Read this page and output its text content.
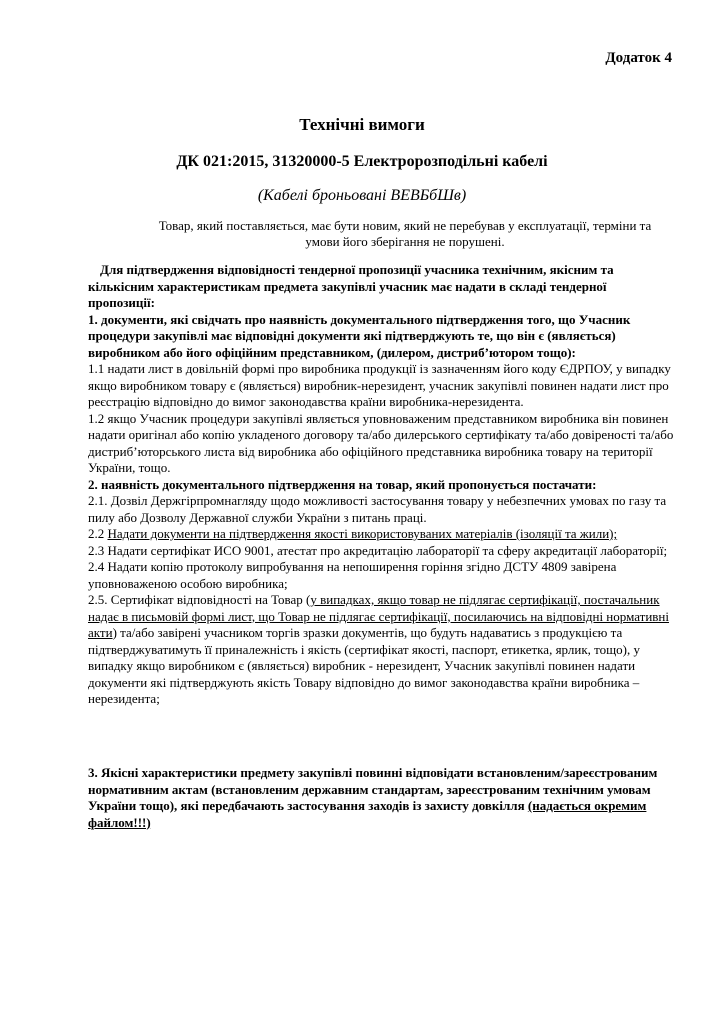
Додаток 4
Технічні вимоги
ДК 021:2015, 31320000-5 Електророзподільні кабелі
(Кабелі броньовані ВЕВБбШв)
Товар, який поставляється, має бути новим, який не перебував у експлуатації, терміни та умови його зберігання не порушені.

Для підтвердження відповідності тендерної пропозиції учасника технічним, якісним та кількісним характеристикам предмета закупівлі учасник має надати в складі тендерної пропозиції:

1. документи, які свідчать про наявність документального підтвердження того, що Учасник процедури закупівлі має відповідні документи які підтверджують те, що він є (являється) виробником або його офіційним представником, (дилером, дистриб’ютором тощо):

1.1 надати лист в довільній формі про виробника продукції із зазначенням його коду ЄДРПОУ, у випадку якщо виробником товару є (являється) виробник-нерезидент, учасник закупівлі повинен надати лист про реєстрацію відповідно до вимог законодавства країни виробника-нерезидента.

1.2 якщо Учасник процедури закупівлі являється уповноваженим представником виробника він повинен надати оригінал або копію укладеного договору та/або дилерського сертифікату та/або довіреності та/або дистриб’юторського листа від виробника або офіційного представника виробника товару на території України, тощо.

2. наявність документального підтвердження на товар, який пропонується постачати:

2.1. Дозвіл Держгірпромнагляду щодо можливості застосування товару у небезпечних умовах по газу та пилу або Дозволу Державної служби України з питань праці.

2.2 Надати документи на підтвердження якості використовуваних матеріалів (ізоляції та жили);

2.3 Надати сертифікат ИСО 9001, атестат про акредитацію лабораторії та сферу акредитації лабораторії;

2.4 Надати копію протоколу випробування на непоширення горіння згідно ДСТУ 4809 завірена уповноваженою особою виробника;

2.5. Сертифікат відповідності на Товар (у випадках, якщо товар не підлягає сертифікації, постачальник надає в письмовій формі лист, що Товар не підлягає сертифікації, посилаючись на відповідні нормативні акти) та/або завірені учасником торгів зразки документів, що будуть надаватись з продукцією та підтверджуватимуть її приналежність і якість (сертифікат якості, паспорт, етикетка, ярлик, тощо), у випадку якщо виробником є (являється) виробник - нерезидент, Учасник закупівлі повинен надати документи які підтверджують якість Товару відповідно до вимог законодавства країни виробника – нерезидента;

3. Якісні характеристики предмету закупівлі повинні відповідати встановленим/зареєстрованим нормативним актам (встановленим державним стандартам, зареєстрованим технічним умовам України тощо), які передбачають застосування заходів із захисту довкілля (надається окремим файлом!!!)
